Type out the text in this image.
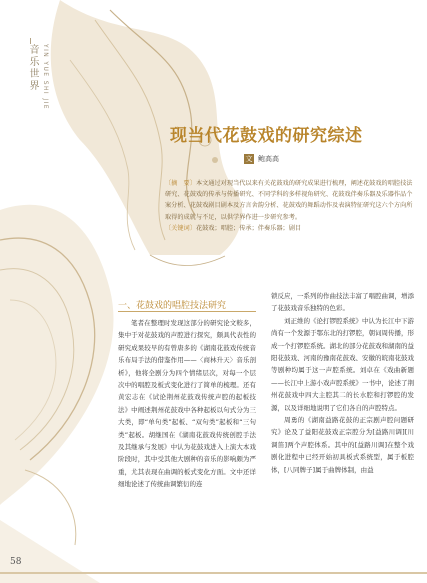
音乐世界 YIN YUE SHI JIE
现当代花鼓戏的研究综述
文 鲍高高
〔摘　要〕本文通过对现当代以来有关花鼓戏的研究成果进行梳理，阐述花鼓戏的唱腔技法研究、花鼓戏的传承与传播研究、不同学科的多样视角研究、花鼓戏伴奏乐器及乐器作品个案分析、花鼓戏剧目剧本及方言舍韵分析、花鼓戏的舞蹈动作及表演特征研究这六个方向所取得的成就与不足，以供学界作进一步研究参考。
〔关键词〕花鼓戏；唱腔；传承；伴奏乐器；剧目
一、花鼓戏的唱腔技法研究

笔者在整理时发现这部分的研究论文較多，集中于对花鼓戏的声腔进行探究，颇具代表性的研究成果较早的有曾唐多的《湖南花鼓戏传统音乐布局手法的借鉴作用——〈商林升天〉音乐剖析》，他将全剧分为四个情绪层次，对每一个层次中的唱腔及板式变化进行了简单的梳理。还有黄宏志在《试论荆州花鼓戏传统声腔的起板技法》中阐述荆州花鼓戏中各种起板以句式分为三大类，即“单句类”起板、“双句类”起板和“三句类”起板。胡继国在《湖南花鼓戏传统创腔手法及其继承与发展》中认为花鼓戏进入上演大本戏阶段时，其中受其他大剧种的音乐的影响颇为严重，尤其表现在曲调的板式变化方面。文中还详细地论述了传统曲调繁衍的连

锁反应，一系列的作曲技法丰富了唱腔曲调，增添了花鼓戏音乐独特的色彩。

刘正维的《论打锣腔系统》中认为长江中下游尚有一个发源于鄂东北的打锣腔，朝词周传播，形成一个打锣腔系统。湖北的部分花鼓戏和湖南的益阳花鼓戏、河南的豫南花鼓戏、安徽的皖南花鼓戏等剧种均属于这一声腔系统。刘卓在《戏曲新题——长江中上游小戏声腔系统》一书中，论述了荆州花鼓戏中四大主腔其二的长水腔和打锣腔的发源，以及详细地说明了它们各自的声腔特点。

周勇的《湖南益路花鼓的正宗剧声腔问题研究》论及了益阳花鼓戏正宗腔分为[益路川调][川调笛]两个声腔体系。其中的[益路川调]在整个戏剧化进程中已经开始初具板式系统型，属于板腔体，[八同牌子]属于曲牌体制，由益

58
